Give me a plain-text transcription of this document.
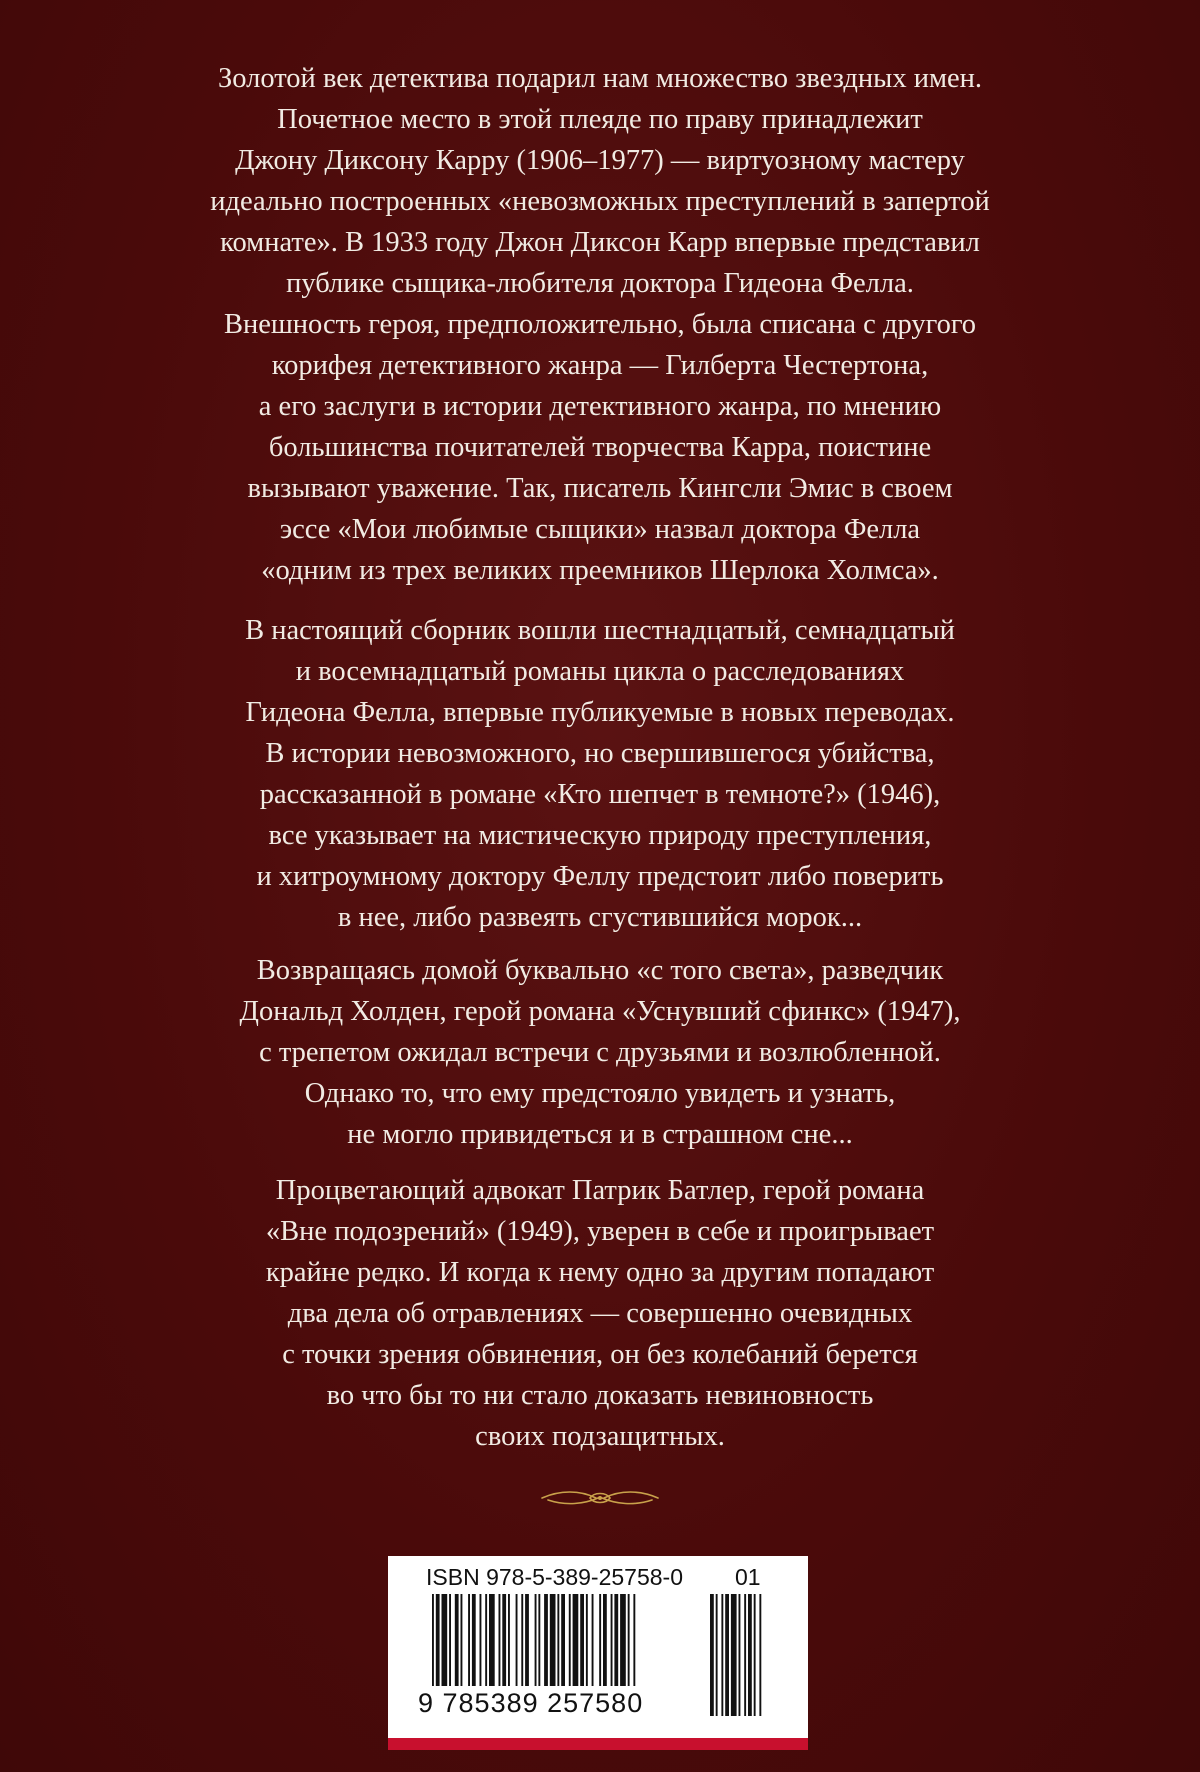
Золотой век детектива подарил нам множество звездных имен.
Почетное место в этой плеяде по праву принадлежит
Джону Диксону Карру (1906–1977) — виртуозному мастеру
идеально построенных «невозможных преступлений в запертой
комнате». В 1933 году Джон Диксон Карр впервые представил
публике сыщика-любителя доктора Гидеона Фелла.
Внешность героя, предположительно, была списана с другого
корифея детективного жанра — Гилберта Честертона,
а его заслуги в истории детективного жанра, по мнению
большинства почитателей творчества Карра, поистине
вызывают уважение. Так, писатель Кингсли Эмис в своем
эссе «Мои любимые сыщики» назвал доктора Фелла
«одним из трех великих преемников Шерлока Холмса».
В настоящий сборник вошли шестнадцатый, семнадцатый
и восемнадцатый романы цикла о расследованиях
Гидеона Фелла, впервые публикуемые в новых переводах.
В истории невозможного, но свершившегося убийства,
рассказанной в романе «Кто шепчет в темноте?» (1946),
все указывает на мистическую природу преступления,
и хитроумному доктору Феллу предстоит либо поверить
в нее, либо развеять сгустившийся морок...
Возвращаясь домой буквально «с того света», разведчик
Дональд Холден, герой романа «Уснувший сфинкс» (1947),
с трепетом ожидал встречи с друзьями и возлюбленной.
Однако то, что ему предстояло увидеть и узнать,
не могло привидеться и в страшном сне...
Процветающий адвокат Патрик Батлер, герой романа
«Вне подозрений» (1949), уверен в себе и проигрывает
крайне редко. И когда к нему одно за другим попадают
два дела об отравлениях — совершенно очевидных
с точки зрения обвинения, он без колебаний берется
во что бы то ни стало доказать невиновность
своих подзащитных.
ISBN 978-5-389-25758-0 01
9 785389 257580
